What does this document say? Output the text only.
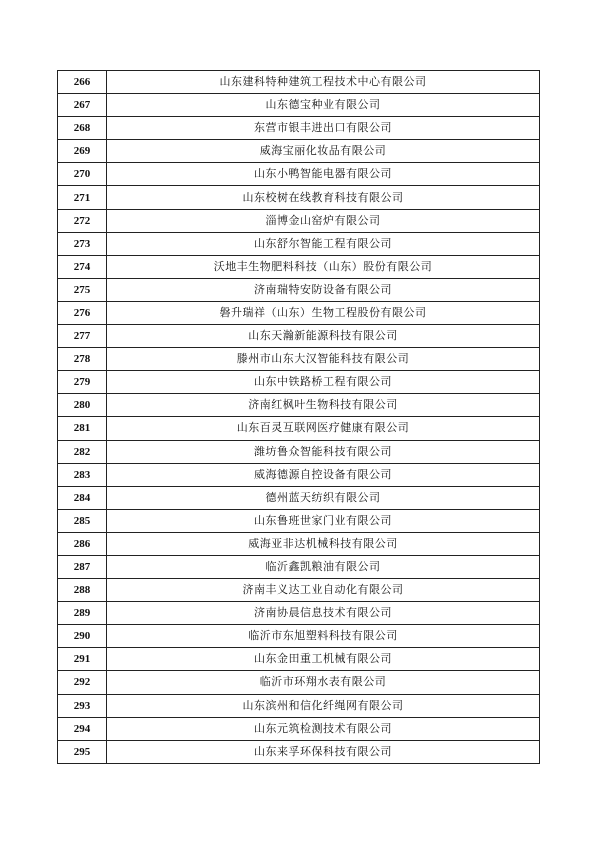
266	山东建科特种建筑工程技术中心有限公司
267	山东德宝种业有限公司
268	东营市银丰进出口有限公司
269	威海宝丽化妆品有限公司
270	山东小鸭智能电器有限公司
271	山东校树在线教育科技有限公司
272	淄博金山窑炉有限公司
273	山东舒尔智能工程有限公司
274	沃地丰生物肥料科技（山东）股份有限公司
275	济南瑞特安防设备有限公司
276	磐升瑞祥（山东）生物工程股份有限公司
277	山东天瀚新能源科技有限公司
278	滕州市山东大汉智能科技有限公司
279	山东中铁路桥工程有限公司
280	济南红枫叶生物科技有限公司
281	山东百灵互联网医疗健康有限公司
282	潍坊鲁众智能科技有限公司
283	威海德源自控设备有限公司
284	德州蓝天纺织有限公司
285	山东鲁班世家门业有限公司
286	威海亚非达机械科技有限公司
287	临沂鑫凯粮油有限公司
288	济南丰义达工业自动化有限公司
289	济南协晨信息技术有限公司
290	临沂市东旭塑料科技有限公司
291	山东金田重工机械有限公司
292	临沂市环翔水表有限公司
293	山东滨州和信化纤绳网有限公司
294	山东元筑检测技术有限公司
295	山东来孚环保科技有限公司
